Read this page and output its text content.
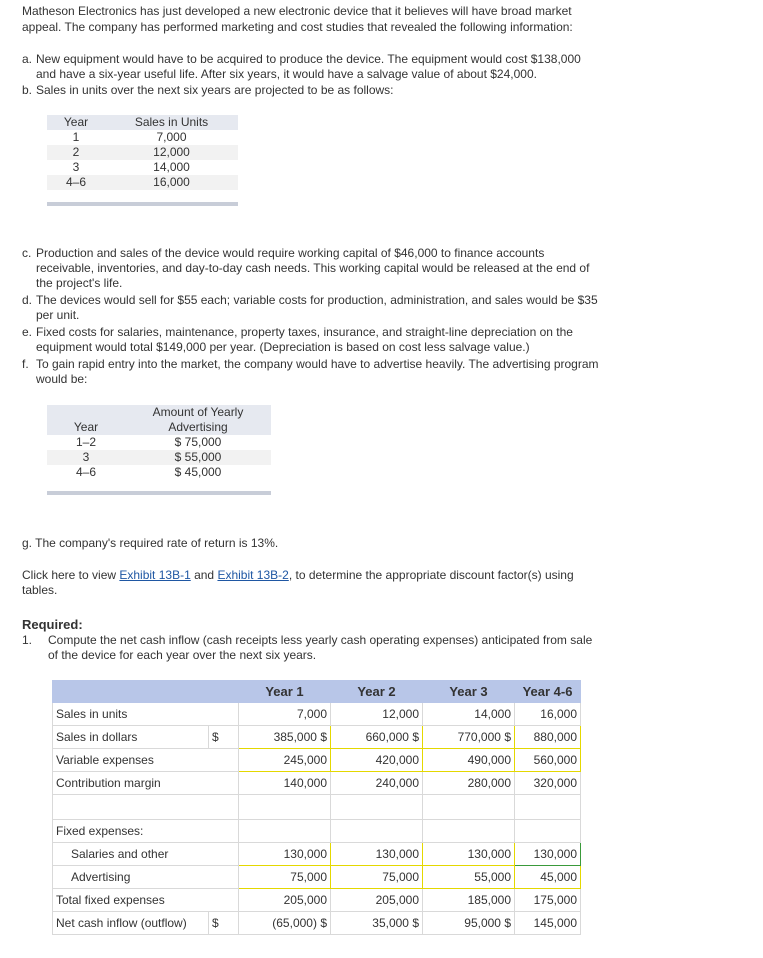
Matheson Electronics has just developed a new electronic device that it believes will have broad market

appeal. The company has performed marketing and cost studies that revealed the following information:

a. New equipment would have to be acquired to produce the device. The equipment would cost $138,000
and have a six-year useful life. After six years, it would have a salvage value of about $24,000.
b. Sales in units over the next six years are projected to be as follows:
Year	Sales in Units
1	7,000
2	12,000
3	14,000
4–6	16,000
c. Production and sales of the device would require working capital of $46,000 to finance accounts
receivable, inventories, and day-to-day cash needs. This working capital would be released at the end of
the project's life.
d. The devices would sell for $55 each; variable costs for production, administration, and sales would be $35
per unit.
e. Fixed costs for salaries, maintenance, property taxes, insurance, and straight-line depreciation on the
equipment would total $149,000 per year. (Depreciation is based on cost less salvage value.)
f. To gain rapid entry into the market, the company would have to advertise heavily. The advertising program
would be:
	Amount of Yearly
Year	Advertising
1–2	$ 75,000
3	$ 55,000
4–6	$ 45,000

g. The company's required rate of return is 13%.

Click here to view Exhibit 13B-1 and Exhibit 13B-2, to determine the appropriate discount factor(s) using
tables.

Required:
1. Compute the net cash inflow (cash receipts less yearly cash operating expenses) anticipated from sale
of the device for each year over the next six years.
		Year 1	Year 2	Year 3	Year 4-6
Sales in units		7,000	12,000	14,000	16,000
Sales in dollars	$	385,000 $	660,000 $	770,000 $	880,000
Variable expenses		245,000	420,000	490,000	560,000
Contribution margin		140,000	240,000	280,000	320,000

Fixed expenses:					
Salaries and other		130,000	130,000	130,000	130,000
Advertising		75,000	75,000	55,000	45,000
Total fixed expenses		205,000	205,000	185,000	175,000
Net cash inflow (outflow)	$	(65,000) $	35,000 $	95,000 $	145,000
